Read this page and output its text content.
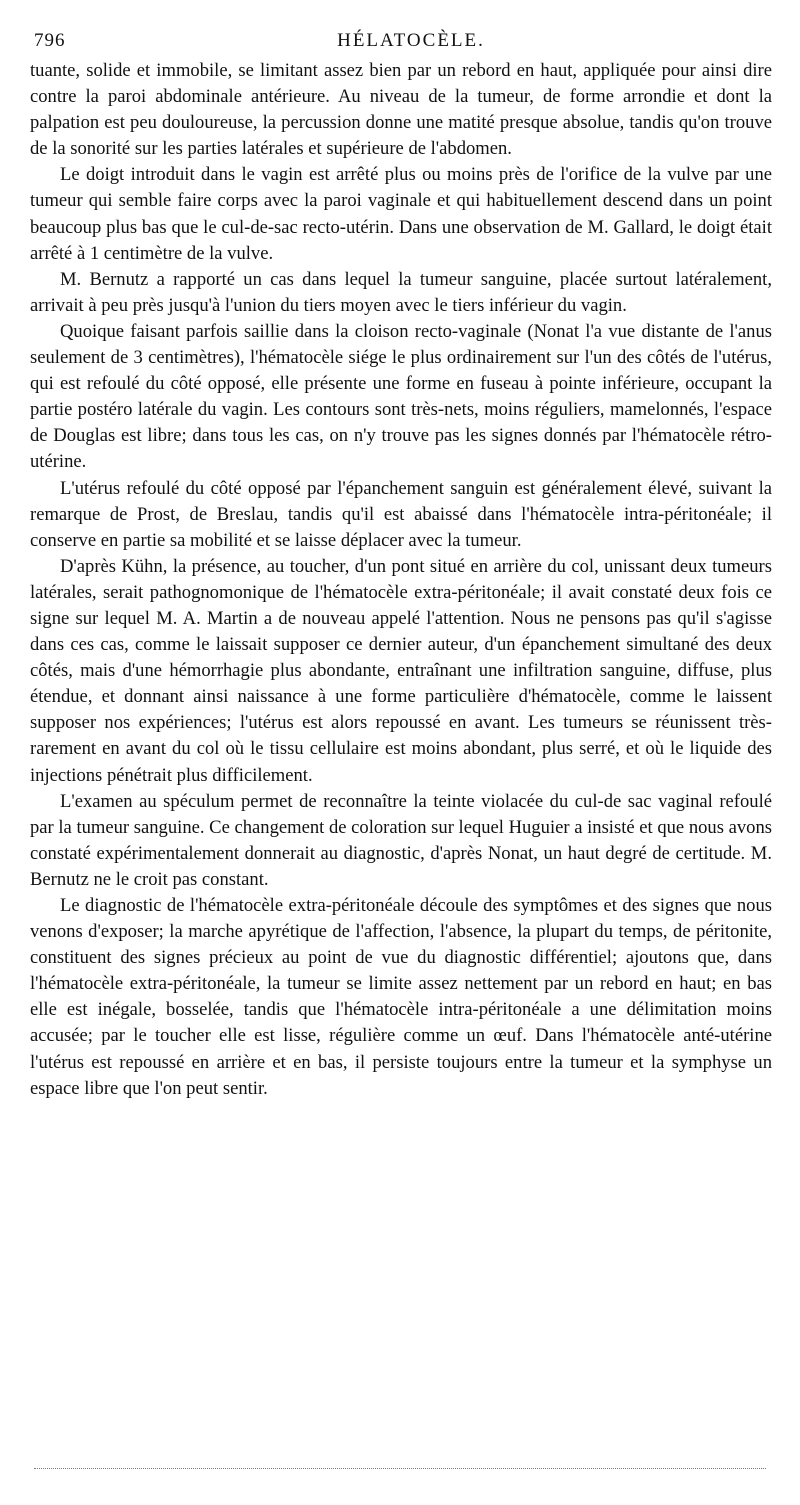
796	HÉLATOCÈLE.

tuante, solide et immobile, se limitant assez bien par un rebord en haut, appliquée pour ainsi dire contre la paroi abdominale antérieure. Au niveau de la tumeur, de forme arrondie et dont la palpation est peu douloureuse, la percussion donne une matité presque absolue, tandis qu'on trouve de la sonorité sur les parties latérales et supérieure de l'abdomen.

Le doigt introduit dans le vagin est arrêté plus ou moins près de l'orifice de la vulve par une tumeur qui semble faire corps avec la paroi vaginale et qui habituellement descend dans un point beaucoup plus bas que le cul-de-sac recto-utérin. Dans une observation de M. Gallard, le doigt était arrêté à 1 centimètre de la vulve.

M. Bernutz a rapporté un cas dans lequel la tumeur sanguine, placée surtout latéralement, arrivait à peu près jusqu'à l'union du tiers moyen avec le tiers inférieur du vagin.

Quoique faisant parfois saillie dans la cloison recto-vaginale (Nonat l'a vue distante de l'anus seulement de 3 centimètres), l'hématocèle siége le plus ordinairement sur l'un des côtés de l'utérus, qui est refoulé du côté opposé, elle présente une forme en fuseau à pointe inférieure, occupant la partie postéro latérale du vagin. Les contours sont très-nets, moins réguliers, mamelonnés, l'espace de Douglas est libre; dans tous les cas, on n'y trouve pas les signes donnés par l'hématocèle rétro-utérine.

L'utérus refoulé du côté opposé par l'épanchement sanguin est généralement élevé, suivant la remarque de Prost, de Breslau, tandis qu'il est abaissé dans l'hématocèle intra-péritonéale; il conserve en partie sa mobilité et se laisse déplacer avec la tumeur.

D'après Kühn, la présence, au toucher, d'un pont situé en arrière du col, unissant deux tumeurs latérales, serait pathognomonique de l'hématocèle extra-péritonéale; il avait constaté deux fois ce signe sur lequel M. A. Martin a de nouveau appelé l'attention. Nous ne pensons pas qu'il s'agisse dans ces cas, comme le laissait supposer ce dernier auteur, d'un épanchement simultané des deux côtés, mais d'une hémorrhagie plus abondante, entraînant une infiltration sanguine, diffuse, plus étendue, et donnant ainsi naissance à une forme particulière d'hématocèle, comme le laissent supposer nos expériences; l'utérus est alors repoussé en avant. Les tumeurs se réunissent très-rarement en avant du col où le tissu cellulaire est moins abondant, plus serré, et où le liquide des injections pénétrait plus difficilement.

L'examen au spéculum permet de reconnaître la teinte violacée du cul-de sac vaginal refoulé par la tumeur sanguine. Ce changement de coloration sur lequel Huguier a insisté et que nous avons constaté expérimentalement donnerait au diagnostic, d'après Nonat, un haut degré de certitude. M. Bernutz ne le croit pas constant.

Le diagnostic de l'hématocèle extra-péritonéale découle des symptômes et des signes que nous venons d'exposer; la marche apyrétique de l'affection, l'absence, la plupart du temps, de péritonite, constituent des signes précieux au point de vue du diagnostic différentiel; ajoutons que, dans l'hématocèle extra-péritonéale, la tumeur se limite assez nettement par un rebord en haut; en bas elle est inégale, bosselée, tandis que l'hématocèle intra-péritonéale a une délimitation moins accusée; par le toucher elle est lisse, régulière comme un œuf. Dans l'hématocèle anté-utérine l'utérus est repoussé en arrière et en bas, il persiste toujours entre la tumeur et la symphyse un espace libre que l'on peut sentir.
